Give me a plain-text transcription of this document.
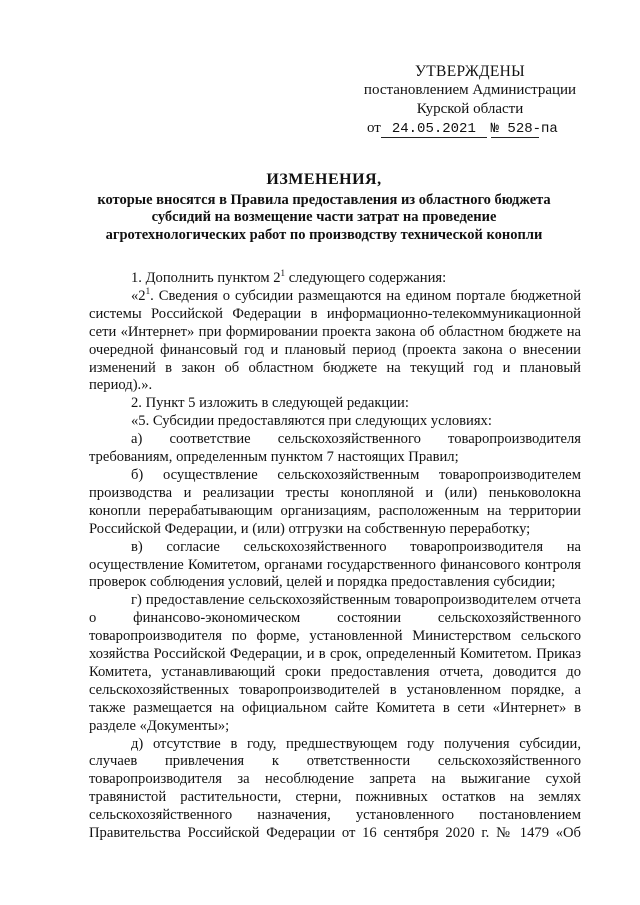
УТВЕРЖДЕНЫ
постановлением Администрации
Курской области
от 24.05.2021 № 528-па
ИЗМЕНЕНИЯ,
которые вносятся в Правила предоставления из областного бюджета субсидий на возмещение части затрат на проведение агротехнологических работ по производству технической конопли

1. Дополнить пунктом $2^1$ следующего содержания:

«$2^1$. Сведения о субсидии размещаются на едином портале бюджетной системы Российской Федерации в информационно-телекоммуникационной сети «Интернет» при формировании проекта закона об областном бюджете на очередной финансовый год и плановый период (проекта закона о внесении изменений в закон об областном бюджете на текущий год и плановый период).».

2. Пункт 5 изложить в следующей редакции:

«5. Субсидии предоставляются при следующих условиях:

а) соответствие сельскохозяйственного товаропроизводителя требованиям, определенным пунктом 7 настоящих Правил;

б) осуществление сельскохозяйственным товаропроизводителем производства и реализации тресты конопляной и (или) пеньковолокна конопли перерабатывающим организациям, расположенным на территории Российской Федерации, и (или) отгрузки на собственную переработку;

в) согласие сельскохозяйственного товаропроизводителя на осуществление Комитетом, органами государственного финансового контроля проверок соблюдения условий, целей и порядка предоставления субсидии;

г) предоставление сельскохозяйственным товаропроизводителем отчета о финансово-экономическом состоянии сельскохозяйственного товаропроизводителя по форме, установленной Министерством сельского хозяйства Российской Федерации, и в срок, определенный Комитетом. Приказ Комитета, устанавливающий сроки предоставления отчета, доводится до сельскохозяйственных товаропроизводителей в установленном порядке, а также размещается на официальном сайте Комитета в сети «Интернет» в разделе «Документы»;

д) отсутствие в году, предшествующем году получения субсидии, случаев привлечения к ответственности сельскохозяйственного товаропроизводителя за несоблюдение запрета на выжигание сухой травянистой растительности, стерни, пожнивных остатков на землях сельскохозяйственного назначения, установленного постановлением Правительства Российской Федерации от 16 сентября 2020 г. № 1479 «Об
